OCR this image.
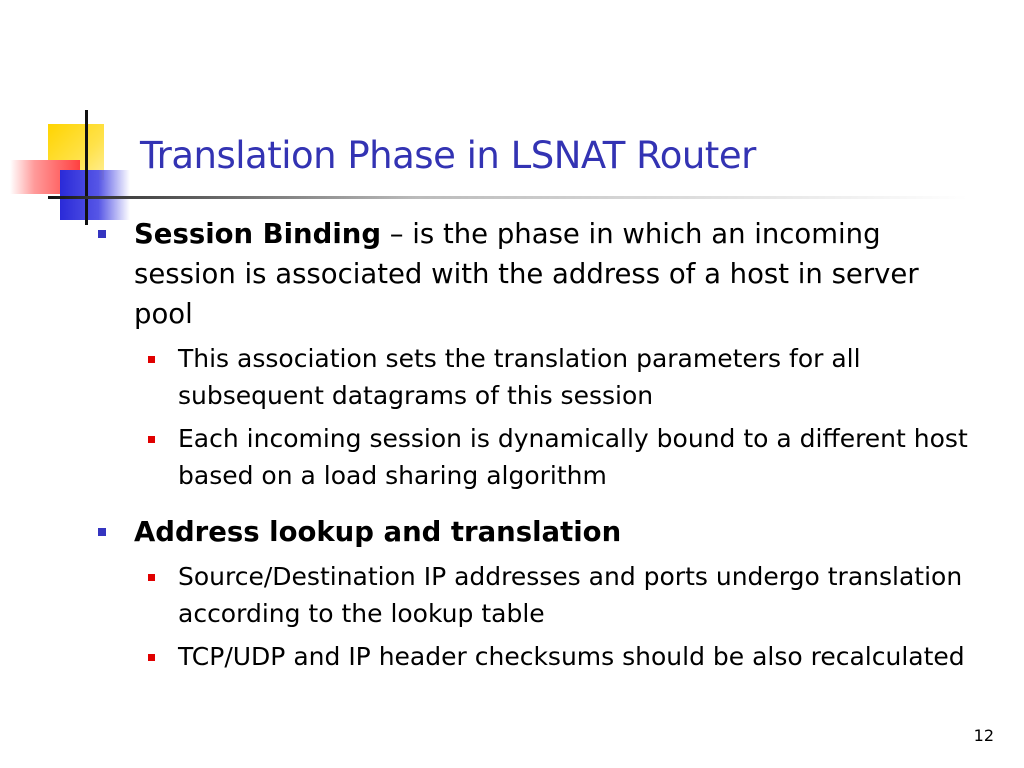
Translation Phase in LSNAT Router
Session Binding – is the phase in which an incoming session is associated with the address of a host in server pool
This association sets the translation parameters for all subsequent datagrams of this session
Each incoming session is dynamically bound to a different host based on a load sharing algorithm
Address lookup and translation
Source/Destination IP addresses and ports undergo translation according to the lookup table
TCP/UDP and IP header checksums should be also recalculated
12
